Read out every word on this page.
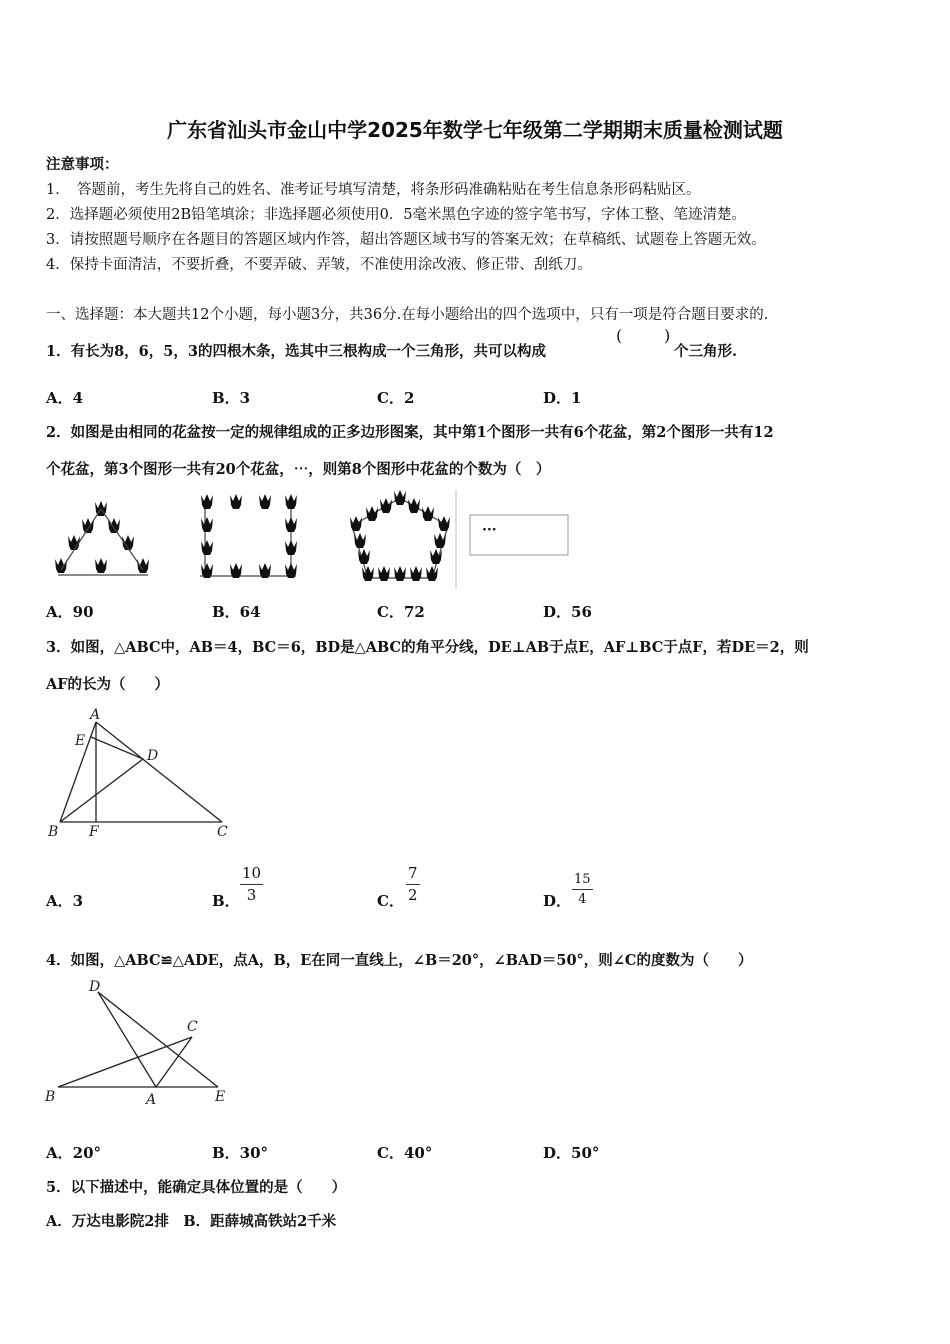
广东省汕头市金山中学2025年数学七年级第二学期期末质量检测试题
注意事项：
1．　答题前，考生先将自己的姓名、准考证号填写清楚，将条形码准确粘贴在考生信息条形码粘贴区。
2．选择题必须使用2B铅笔填涂；非选择题必须使用0．5毫米黑色字迹的签字笔书写，字体工整、笔迹清楚。
3．请按照题号顺序在各题目的答题区域内作答，超出答题区域书写的答案无效；在草稿纸、试题卷上答题无效。
4．保持卡面清洁，不要折叠，不要弄破、弄皱，不准使用涂改液、修正带、刮纸刀。
一、选择题：本大题共12个小题，每小题3分，共36分.在每小题给出的四个选项中，只有一项是符合题目要求的.
1．有长为8，6，5，3的四根木条，选其中三根构成一个三角形，共可以构成
(	)
个三角形.
A．4	B．3	C．2	D．1
2．如图是由相同的花盆按一定的规律组成的正多边形图案，其中第1个图形一共有6个花盆，第2个图形一共有12
个花盆，第3个图形一共有20个花盆，⋯，则第8个图形中花盆的个数为（　）
···
A．90	B．64	C．72	D．56
3．如图，△ABC中，AB＝4，BC＝6，BD是△ABC的角平分线，DE⊥AB于点E，AF⊥BC于点F，若DE＝2，则
AF的长为（　　）
A
E
D
B F	C
A．3	B． $\frac{10}{3}$	C． $\frac{7}{2}$	D． $\frac{15}{4}$
4．如图，△ABC≌△ADE，点A，B，E在同一直线上，∠B＝20°，∠BAD＝50°，则∠C的度数为（　　）
D
C
B	A	E
A．20°	B．30°	C．40°	D．50°
5．以下描述中，能确定具体位置的是（　　）
A．万达电影院2排　B．距薛城高铁站2千米
